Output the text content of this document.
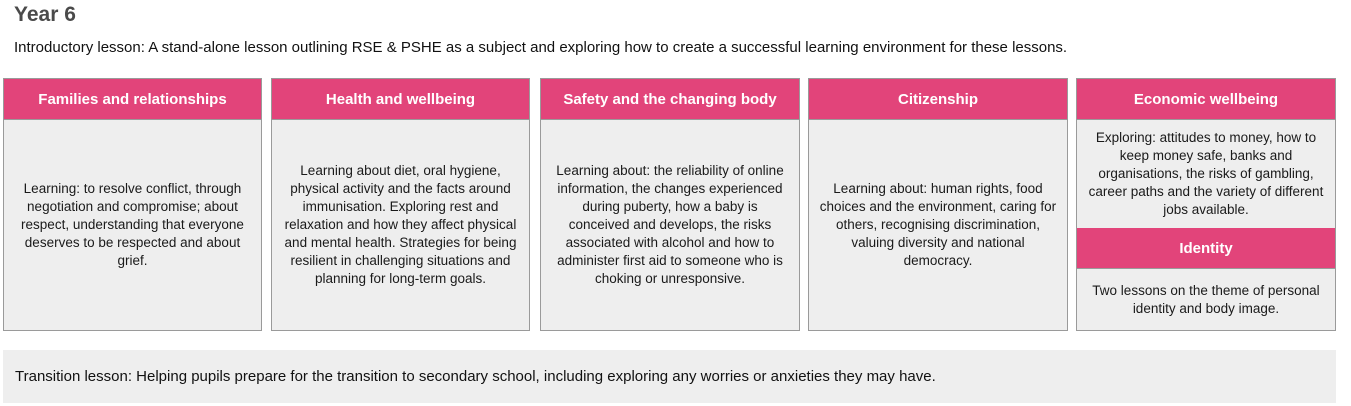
Year 6
Introductory lesson: A stand-alone lesson outlining RSE & PSHE as a subject and exploring how to create a successful learning environment for these lessons.
Families and relationships
Learning: to resolve conflict, through negotiation and compromise; about respect, understanding that everyone deserves to be respected and about grief.
Health and wellbeing
Learning about diet, oral hygiene, physical activity and the facts around immunisation. Exploring rest and relaxation and how they affect physical and mental health. Strategies for being resilient in challenging situations and planning for long-term goals.
Safety and the changing body
Learning about: the reliability of online information, the changes experienced during puberty, how a baby is conceived and develops, the risks associated with alcohol and how to administer first aid to someone who is choking or unresponsive.
Citizenship
Learning about: human rights, food choices and the environment, caring for others, recognising discrimination, valuing diversity and national democracy.
Economic wellbeing
Exploring: attitudes to money, how to keep money safe, banks and organisations, the risks of gambling, career paths and the variety of different jobs available.
Identity
Two lessons on the theme of personal identity and body image.
Transition lesson: Helping pupils prepare for the transition to secondary school, including exploring any worries or anxieties they may have.
